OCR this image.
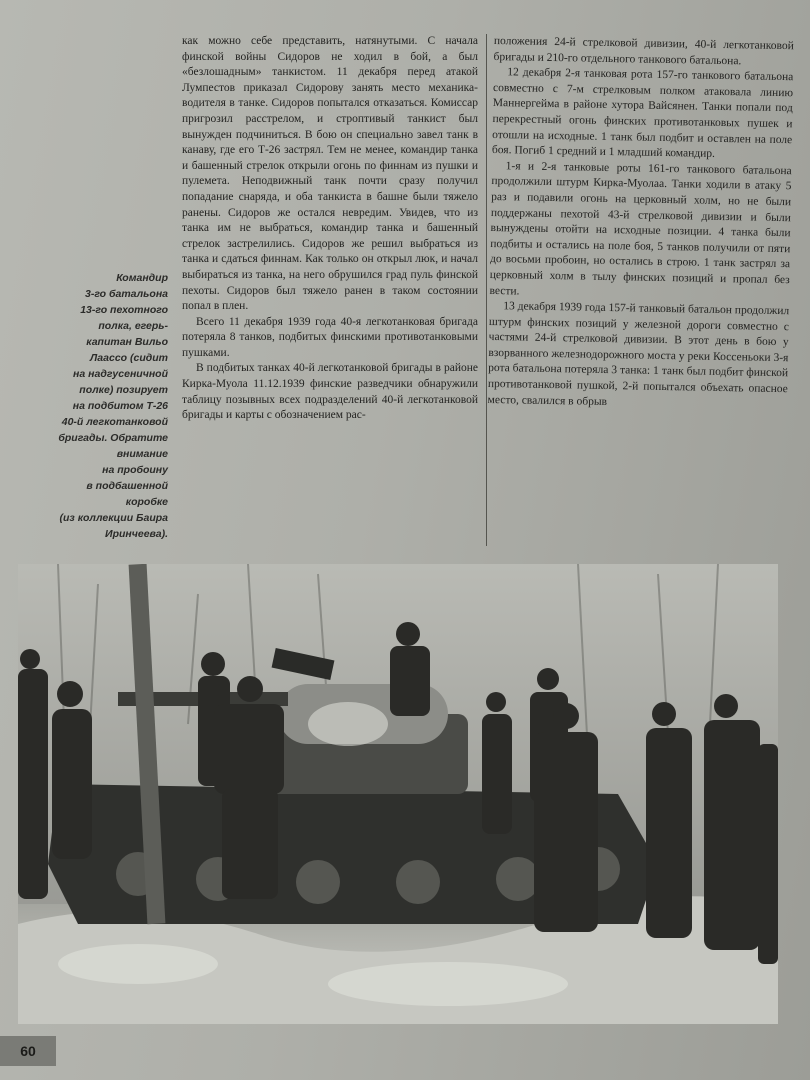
Командир
3-го батальона
13-го пехотного
полка, егерь-
капитан Вильо
Лаассо (сидит
на надгусеничной
полке) позирует
на подбитом Т-26
40-й легкотанковой
бригады. Обратите
внимание
на пробоину
в подбашенной
коробке
(из коллекции Баира
Иринчеева).

как можно себе представить, натянутыми. С начала финской войны Сидоров не ходил в бой, а был «безлошадным» танкистом. 11 декабря перед атакой Лумпестов приказал Сидорову занять место механика-водителя в танке. Сидоров попытался отказаться. Комиссар пригрозил расстрелом, и строптивый танкист был вынужден подчиниться. В бою он специально завел танк в канаву, где его Т-26 застрял. Тем не менее, командир танка и башенный стрелок открыли огонь по финнам из пушки и пулемета. Неподвижный танк почти сразу получил попадание снаряда, и оба танкиста в башне были тяжело ранены. Сидоров же остался невредим. Увидев, что из танка им не выбраться, командир танка и башенный стрелок застрелились. Сидоров же решил выбраться из танка и сдаться финнам. Как только он открыл люк, и начал выбираться из танка, на него обрушился град пуль финской пехоты. Сидоров был тяжело ранен в таком состоянии попал в плен.

Всего 11 декабря 1939 года 40-я легкотанковая бригада потеряла 8 танков, подбитых финскими противотанковыми пушками.

В подбитых танках 40-й легкотанковой бригады в районе Кирка-Муола 11.12.1939 финские разведчики обнаружили таблицу позывных всех подразделений 40-й легкотанковой бригады и карты с обозначением рас-

положения 24-й стрелковой дивизии, 40-й легкотанковой бригады и 210-го отдельного танкового батальона.

12 декабря 2-я танковая рота 157-го танкового батальона совместно с 7-м стрелковым полком атаковала линию Маннергейма в районе хутора Вайсянен. Танки попали под перекрестный огонь финских противотанковых пушек и отошли на исходные. 1 танк был подбит и оставлен на поле боя. Погиб 1 средний и 1 младший командир.

1-я и 2-я танковые роты 161-го танкового батальона продолжили штурм Кирка-Муолаа. Танки ходили в атаку 5 раз и подавили огонь на церковный холм, но не были поддержаны пехотой 43-й стрелковой дивизии и были вынуждены отойти на исходные позиции. 4 танка были подбиты и остались на поле боя, 5 танков получили от пяти до восьми пробоин, но остались в строю. 1 танк застрял за церковный холм в тылу финских позиций и пропал без вести.

13 декабря 1939 года 157-й танковый батальон продолжил штурм финских позиций у железной дороги совместно с частями 24-й стрелковой дивизии. В этот день в бою у взорванного железнодорожного моста у реки Коссеньоки 3-я рота батальона потеряла 3 танка: 1 танк был подбит финской противотанковой пушкой, 2-й попытался объехать опасное место, свалился в обрыв

60
